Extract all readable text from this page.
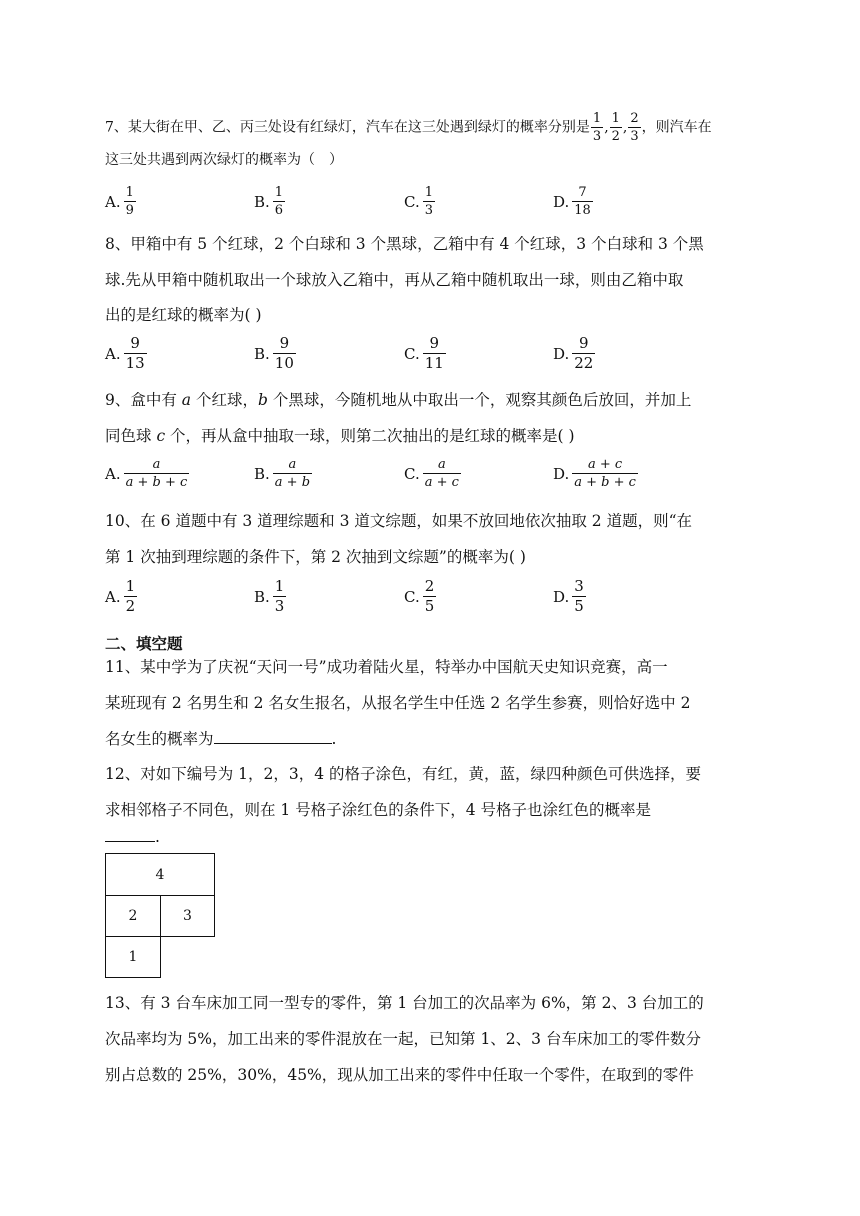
7、某大街在甲、乙、丙三处设有红绿灯，汽车在这三处遇到绿灯的概率分别是 $\frac{1}{3}$ , $\frac{1}{2}$ , $\frac{2}{3}$ ，则汽车在
这三处共遇到两次绿灯的概率为（　）
A. $\frac{1}{9}$	B. $\frac{1}{6}$	C. $\frac{1}{3}$	D. $\frac{7}{18}$
8、甲箱中有 5 个红球，2 个白球和 3 个黑球，乙箱中有 4 个红球，3 个白球和 3 个黑
球.先从甲箱中随机取出一个球放入乙箱中，再从乙箱中随机取出一球，则由乙箱中取
出的是红球的概率为( )
A. $\frac{9}{13}$	B. $\frac{9}{10}$	C. $\frac{9}{11}$	D. $\frac{9}{22}$
9、盒中有 a 个红球，b 个黑球，今随机地从中取出一个，观察其颜色后放回，并加上
同色球 c 个，再从盒中抽取一球，则第二次抽出的是红球的概率是( )
A. $\frac{a}{a + b + c}$	B. $\frac{a}{a + b}$	C. $\frac{a}{a + c}$	D. $\frac{a + c}{a + b + c}$
10、在 6 道题中有 3 道理综题和 3 道文综题，如果不放回地依次抽取 2 道题，则“在
第 1 次抽到理综题的条件下，第 2 次抽到文综题”的概率为( )
A. $\frac{1}{2}$	B. $\frac{1}{3}$	C. $\frac{2}{5}$	D. $\frac{3}{5}$
二、填空题
11、某中学为了庆祝“天问一号”成功着陆火星，特举办中国航天史知识竞赛，高一
某班现有 2 名男生和 2 名女生报名，从报名学生中任选 2 名学生参赛，则恰好选中 2
名女生的概率为	.
12、对如下编号为 1，2，3，4 的格子涂色，有红，黄，蓝，绿四种颜色可供选择，要
求相邻格子不同色，则在 1 号格子涂红色的条件下，4 号格子也涂红色的概率是
.
4
2	3
1
13、有 3 台车床加工同一型专的零件，第 1 台加工的次品率为 6%，第 2、3 台加工的
次品率均为 5%，加工出来的零件混放在一起，已知第 1、2、3 台车床加工的零件数分
别占总数的 25%，30%，45%，现从加工出来的零件中任取一个零件，在取到的零件
